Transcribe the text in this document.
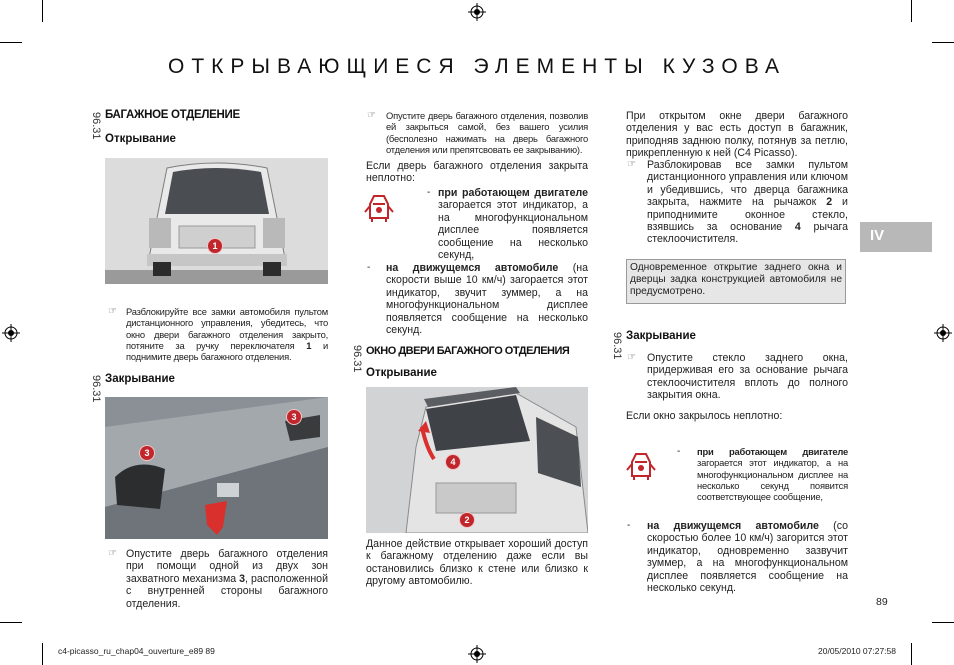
ОТКРЫВАЮЩИЕСЯ ЭЛЕМЕНТЫ КУЗОВА
IV
96.31 БАГАЖНОЕ ОТДЕЛЕНИЕ
Открывание
1
☞ Разблокируйте все замки автомобиля пультом дистанционного управления, убедитесь, что окно двери багажного отделения закрыто, потяните за ручку переключателя 1 и поднимите дверь багажного отделения.
96.31 Закрывание
3
3
☞ Опустите дверь багажного отделения при помощи одной из двух зон захватного механизма 3, расположенной с внутренней стороны багажного отделения.
☞ Опустите дверь багажного отделения, позволив ей закрыться самой, без вашего усилия (бесполезно нажимать на дверь багажного отделения или препятсвовать ее закрыванию).
Если дверь багажного отделения закрыта неплотно:
- при работающем двигателе загорается этот индикатор, а на многофункциональном дисплее появляется сообщение на несколько секунд,
- на движущемся автомобиле (на скорости выше 10 км/ч) загорается этот индикатор, звучит зуммер, а на многофункциональном дисплее появляется сообщение на несколько секунд.
96.31 ОКНО ДВЕРИ БАГАЖНОГО ОТДЕЛЕНИЯ
Открывание
4
2
Данное действие открывает хороший доступ к багажному отделению даже если вы остановились близко к стене или близко к другому автомобилю.
При открытом окне двери багажного отделения у вас есть доступ в багажник, приподняв заднюю полку, потянув за петлю, прикрепленную к ней (C4 Picasso).
☞ Разблокировав все замки пультом дистанционного управления или ключом и убедившись, что дверца багажника закрыта, нажмите на рычажок 2 и приподнимите оконное стекло, взявшись за основание 4 рычага стеклоочистителя.
Одновременное открытие заднего окна и дверцы задка конструкцией автомобиля не предусмотрено.
96.31 Закрывание
☞ Опустите стекло заднего окна, придерживая его за основание рычага стеклоочистителя вплоть до полного закрытия окна.
Если окно закрылось неплотно:
- при работающем двигателе загорается этот индикатор, а на многофункциональном дисплее на несколько секунд появится соответствующее сообщение,
- на движущемся автомобиле (со скоростью более 10 км/ч) загорится этот индикатор, одновременно зазвучит зуммер, а на многофункциональном дисплее появляется сообщение на несколько секунд.
89
c4-picasso_ru_chap04_ouverture_e89 89	20/05/2010 07:27:58
